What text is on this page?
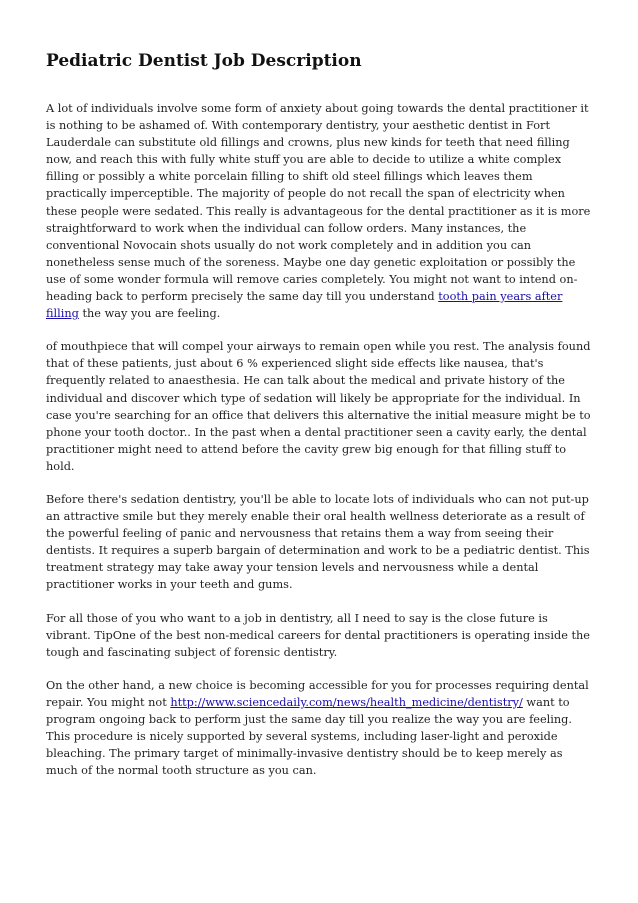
Pediatric Dentist Job Description

A lot of individuals involve some form of anxiety about going towards the dental practitioner it is nothing to be ashamed of. With contemporary dentistry, your aesthetic dentist in Fort Lauderdale can substitute old fillings and crowns, plus new kinds for teeth that need filling now, and reach this with fully white stuff you are able to decide to utilize a white complex filling or possibly a white porcelain filling to shift old steel fillings which leaves them practically imperceptible. The majority of people do not recall the span of electricity when these people were sedated. This really is advantageous for the dental practitioner as it is more straightforward to work when the individual can follow orders. Many instances, the conventional Novocain shots usually do not work completely and in addition you can nonetheless sense much of the soreness. Maybe one day genetic exploitation or possibly the use of some wonder formula will remove caries completely. You might not want to intend on-heading back to perform precisely the same day till you understand tooth pain years after filling the way you are feeling.

of mouthpiece that will compel your airways to remain open while you rest. The analysis found that of these patients, just about 6 % experienced slight side effects like nausea, that's frequently related to anaesthesia. He can talk about the medical and private history of the individual and discover which type of sedation will likely be appropriate for the individual. In case you're searching for an office that delivers this alternative the initial measure might be to phone your tooth doctor.. In the past when a dental practitioner seen a cavity early, the dental practitioner might need to attend before the cavity grew big enough for that filling stuff to hold.

Before there's sedation dentistry, you'll be able to locate lots of individuals who can not put-up an attractive smile but they merely enable their oral health wellness deteriorate as a result of the powerful feeling of panic and nervousness that retains them a way from seeing their dentists. It requires a superb bargain of determination and work to be a pediatric dentist. This treatment strategy may take away your tension levels and nervousness while a dental practitioner works in your teeth and gums.

For all those of you who want to a job in dentistry, all I need to say is the close future is vibrant. TipOne of the best non-medical careers for dental practitioners is operating inside the tough and fascinating subject of forensic dentistry.

On the other hand, a new choice is becoming accessible for you for processes requiring dental repair. You might not http://www.sciencedaily.com/news/health_medicine/dentistry/ want to program ongoing back to perform just the same day till you realize the way you are feeling. This procedure is nicely supported by several systems, including laser-light and peroxide bleaching. The primary target of minimally-invasive dentistry should be to keep merely as much of the normal tooth structure as you can.
